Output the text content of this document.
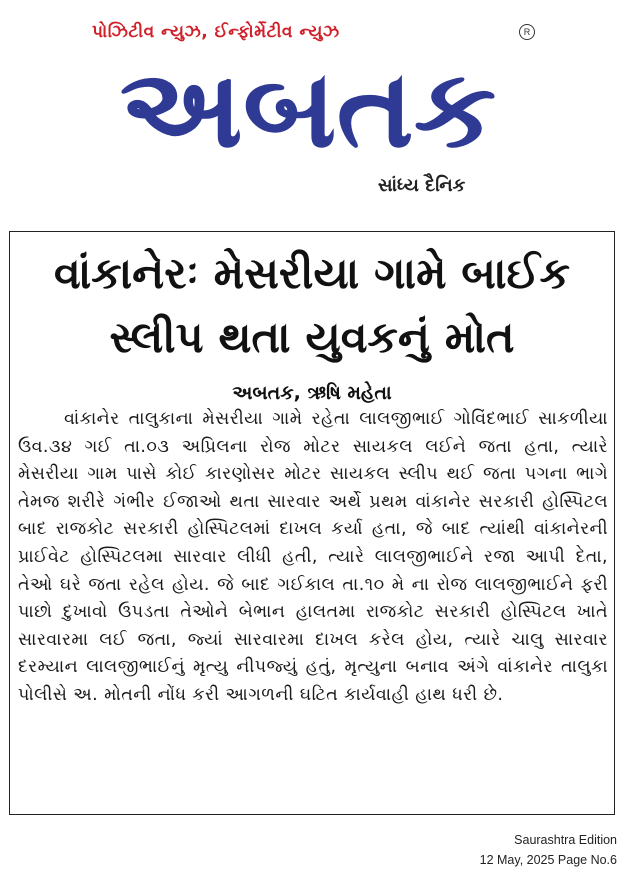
પોઝિટીવ ન્યુઝ, ઈન્ફોર્મેટીવ ન્યુઝ	R
અબતક
સાંધ્ય દૈનિક
વાંકાનેરઃ મેસરીયા ગામે બાઈક
સ્લીપ થતા યુવકનું મોત
અબતક, ઋષિ મહેતા
વાંકાનેર તાલુકાના મેસરીયા ગામે રહેતા લાલજીભાઈ ગોવિંદભાઈ સાકળીયા ઉવ.૩૪ ગઈ તા.૦૩ અપ્રિલના રોજ મોટર સાયકલ લઈને જતા હતા, ત્યારે મેસરીયા ગામ પાસે કોઈ કારણોસર મોટર સાયકલ સ્લીપ થઈ જતા પગના ભાગે તેમજ શરીરે ગંભીર ઈજાઓ થતા સારવાર અર્થે પ્રથમ વાંકાનેર સરકારી હોસ્પિટલ બાદ રાજકોટ સરકારી હોસ્પિટલમાં દાખલ કર્યા હતા, જે બાદ ત્યાંથી વાંકાનેરની પ્રાઈવેટ હોસ્પિટલમા સારવાર લીધી હતી, ત્યારે લાલજીભાઈને રજા આપી દેતા, તેઓ ઘરે જતા રહેલ હોય. જે બાદ ગઈકાલ તા.૧૦ મે ના રોજ લાલજીભાઈને ફરી પાછો દુખાવો ઉપડતા તેઓને બેભાન હાલતમા રાજકોટ સરકારી હોસ્પિટલ ખાતે સારવારમા લઈ જતા, જ્યાં સારવારમા દાખલ કરેલ હોય, ત્યારે ચાલુ સારવાર દરમ્યાન લાલજીભાઈનું મૃત્યુ નીપજ્યું હતું, મૃત્યુના બનાવ અંગે વાંકાનેર તાલુકા પોલીસે અ. મોતની નોંધ કરી આગળની ઘટિત કાર્યવાહી હાથ ધરી છે.
Saurashtra Edition
12 May, 2025 Page No.6
